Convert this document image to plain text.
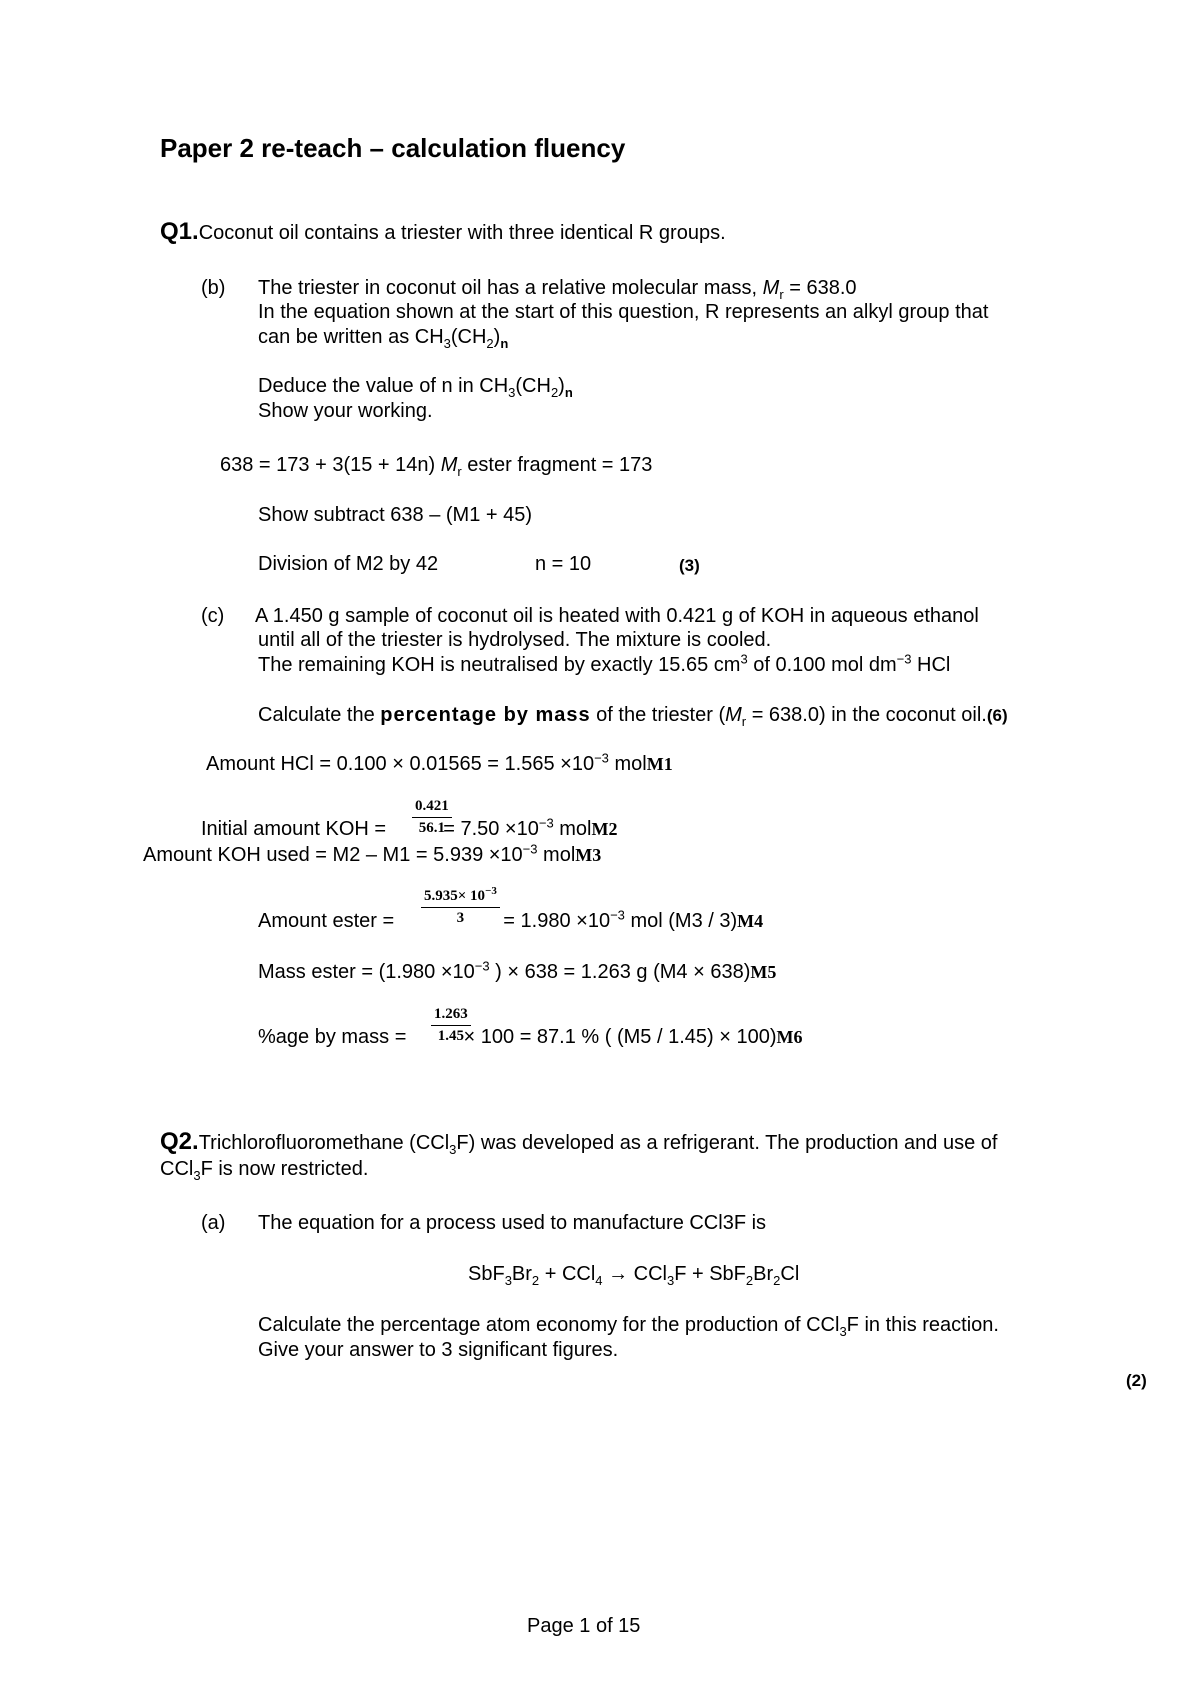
Paper 2 re-teach – calculation fluency
Q1.Coconut oil contains a triester with three identical R groups.
(b) The triester in coconut oil has a relative molecular mass, $M_r = 638.0$
In the equation shown at the start of this question, R represents an alkyl group that
can be written as $CH_3(CH_2)_n$
Deduce the value of n in $CH_3(CH_2)_n$
Show your working.
638 = 173 + 3(15 + 14n) $M_r$ ester fragment = 173
Show subtract 638 – (M1 + 45)
Division of M2 by 42	n = 10	(3)
(c) A 1.450 g sample of coconut oil is heated with 0.421 g of KOH in aqueous ethanol
until all of the triester is hydrolysed. The mixture is cooled.
The remaining KOH is neutralised by exactly 15.65 $cm^3$ of 0.100 mol $dm^{-3}$ HCl
Calculate the percentage by mass of the triester $(M_r = 638.0)$ in the coconut oil.(6)
Amount HCl = $0.100 \times 0.01565 = 1.565 \times 10^{-3}$ molM1
Initial amount KOH =  = $7.50 \times 10^{-3}$ molM2
$\frac{0.421}{56.1}$
Amount KOH used = $M2 - M1 = 5.939 \times 10^{-3}$ molM3
Amount ester =	= $1.980 \times 10^{-3}$ mol (M3 / 3)M4
$\frac{5.935\times 10^{-3}}{3}$
Mass ester = ($1.980 \times 10^{-3}$ ) × 638 = 1.263 g (M4 × 638)M5
%age by mass =  × 100 = 87.1 % ( (M5 / 1.45) × 100)M6
$\frac{1.263}{1.45}$
Q2.Trichlorofluoromethane (CCl$_3$F) was developed as a refrigerant. The production and use of
CCl$_3$F is now restricted.
(a) The equation for a process used to manufacture CCl3F is
$SbF_3Br_2 + CCl_4 \to CCl_3F + SbF_2Br_2Cl$
Calculate the percentage atom economy for the production of CCl$_3$F in this reaction.
Give your answer to 3 significant figures.
(2)
Page 1 of 15
